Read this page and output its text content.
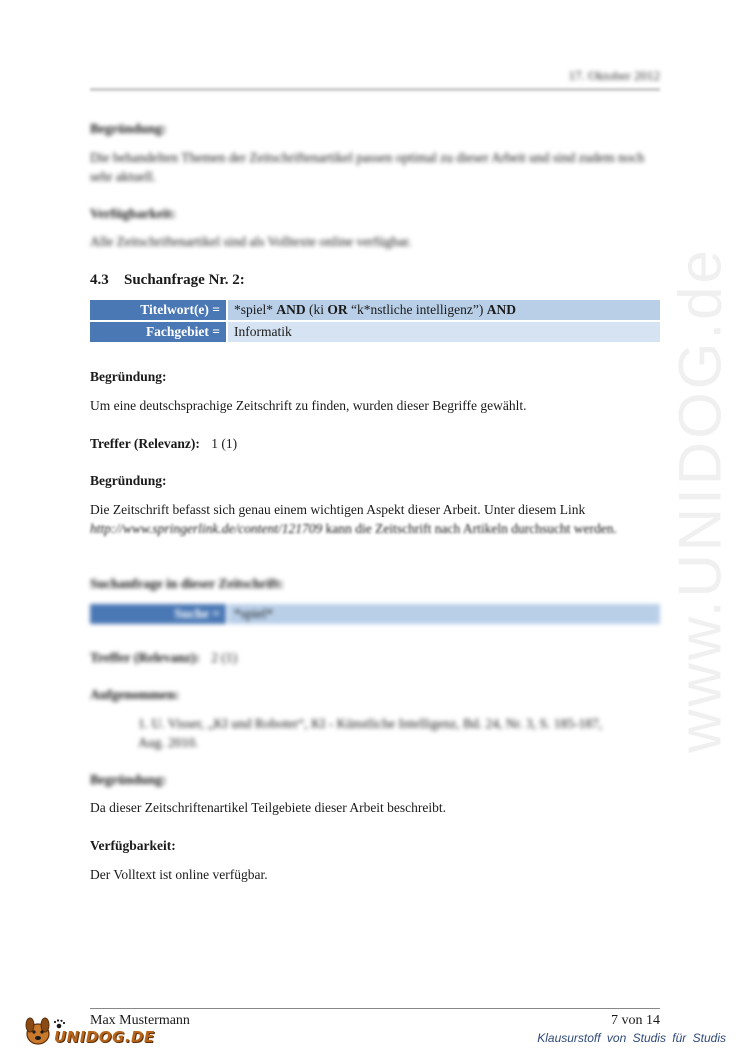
www.UNIDOG.de
17. Oktober 2012
Begründung:
Die behandelten Themen der Zeitschriftenartikel passen optimal zu dieser Arbeit und sind zudem noch sehr aktuell.
Verfügbarkeit:
Alle Zeitschriftenartikel sind als Volltexte online verfügbar.
4.3 Suchanfrage Nr. 2:
Titelwort(e) =	*spiel* AND (ki OR “k*nstliche intelligenz”) AND
Fachgebiet =	Informatik
Begründung:
Um eine deutschsprachige Zeitschrift zu finden, wurden dieser Begriffe gewählt.
Treffer (Relevanz): 1 (1)
Begründung:
Die Zeitschrift befasst sich genau einem wichtigen Aspekt dieser Arbeit. Unter diesem Link http://www.springerlink.de/content/121709 kann die Zeitschrift nach Artikeln durchsucht werden.
Suchanfrage in dieser Zeitschrift:
Suche =	*spiel*
Treffer (Relevanz): 2 (1)
Aufgenommen:
1. U. Visser, „KI und Roboter“, KI - Künstliche Intelligenz, Bd. 24, Nr. 3, S. 185-187, Aug. 2010.
Begründung:
Da dieser Zeitschriftenartikel Teilgebiete dieser Arbeit beschreibt.
Verfügbarkeit:
Der Volltext ist online verfügbar.
Max Mustermann	7 von 14
Klausurstoff von Studis für Studis
UNIDOG.DE
